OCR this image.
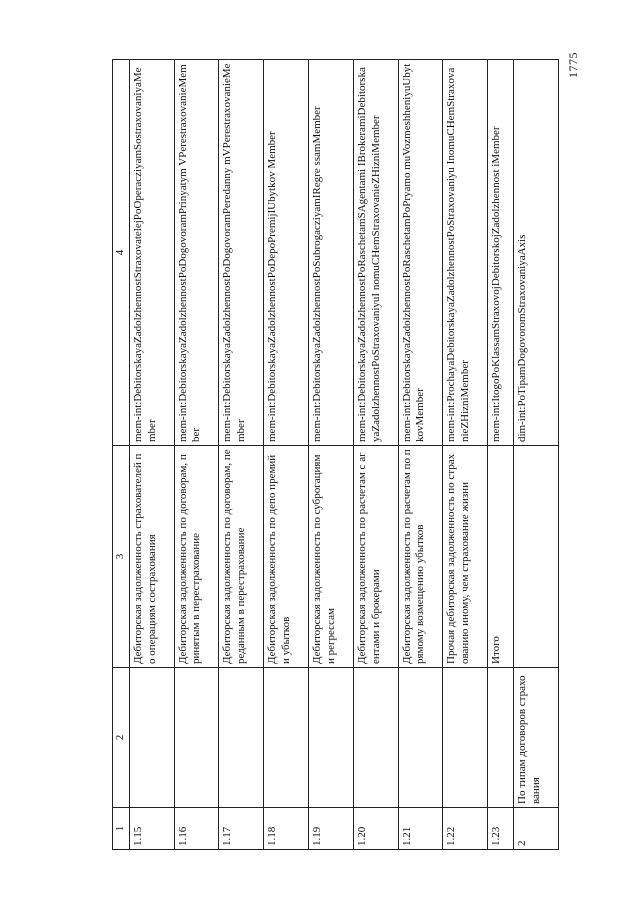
1775
1	2	3	4
1.15		Дебиторская задолженность страхователей по операциям сострахования	mem-int:DebitorskayaZadolzhennostStraxovatelejPoOperacziyamSostraxovaniyaMember
1.16		Дебиторская задолженность по договорам, принятым в перестрахование	mem-int:DebitorskayaZadolzhennostPoDogovoramPrinyatym VPerestraxovanieMember
1.17		Дебиторская задолженность по договорам, переданным в перестрахование	mem-int:DebitorskayaZadolzhennostPoDogovoramPeredanny mVPerestraxovanieMember
1.18		Дебиторская задолженность по депо премий и убытков	mem-int:DebitorskayaZadolzhennostPoDepoPremijIUbytkov Member
1.19		Дебиторская задолженность по суброгациям и регрессам	mem-int:DebitorskayaZadolzhennostPoSubrogacziyamIRegre ssamMember
1.20		Дебиторская задолженность по расчетам с агентами и брокерами	mem-int:DebitorskayaZadolzhennostPoRaschetamSAgentami IBrokeramiDebitorskayaZadolzhennostPoStraxovaniyuI nomuCHemStraxovanieZHizniMember
1.21		Дебиторская задолженность по расчетам по прямому возмещению убытков	mem-int:DebitorskayaZadolzhennostPoRaschetamPoPryamo muVozmeshheniyuUbytkovMember
1.22		Прочая дебиторская задолженность по страхованию иному, чем страхование жизни	mem-int:ProchayaDebitorskayaZadolzhennostPoStraxovaniyu InomuCHemStraxovanieZHizniMember
1.23		Итого	mem-int:ItogoPoKlassamStraxovojDebitorskojZadolzhennost iMember
2	По типам договоров страхования		dim-int:PoTipamDogovoromStraxovaniyaAxis
